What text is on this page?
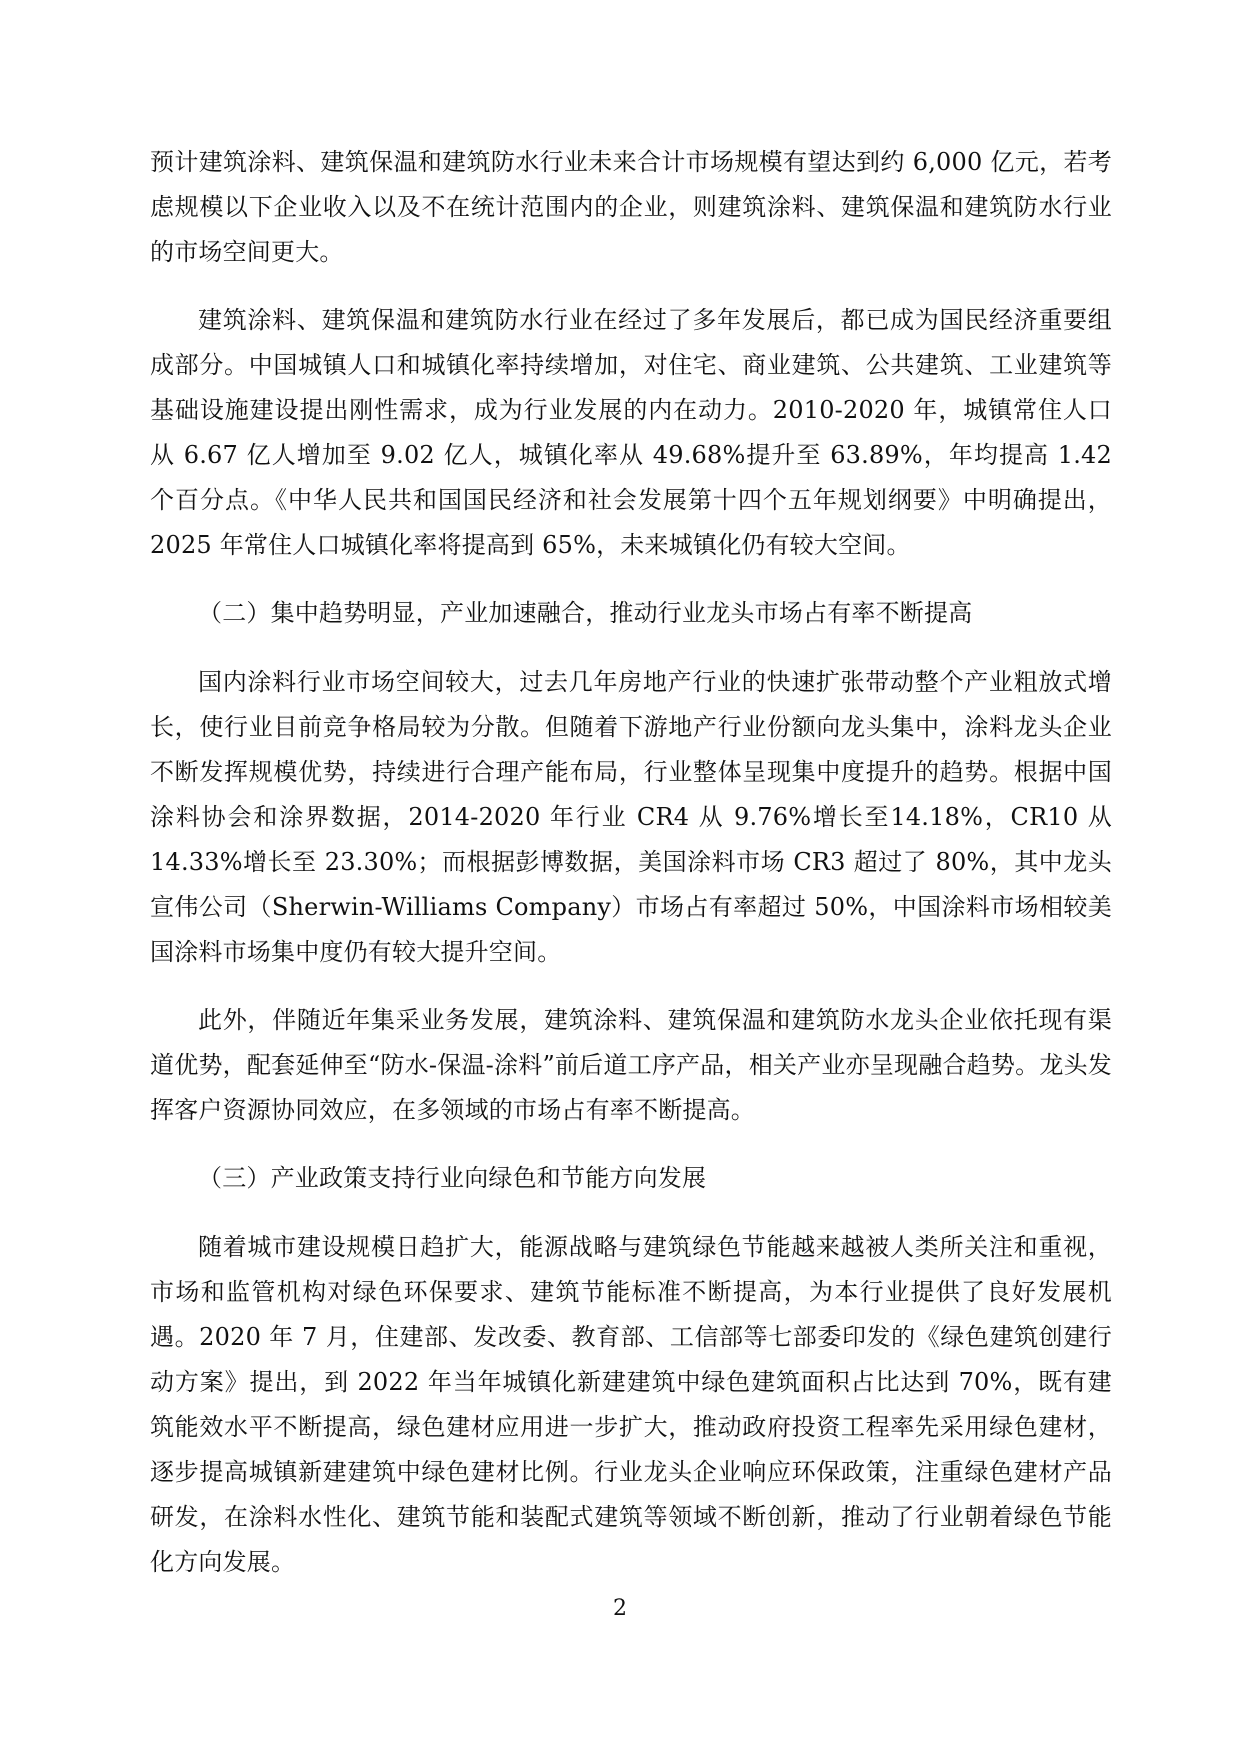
预计建筑涂料、建筑保温和建筑防水行业未来合计市场规模有望达到约 6,000 亿元，若考虑规模以下企业收入以及不在统计范围内的企业，则建筑涂料、建筑保温和建筑防水行业的市场空间更大。

建筑涂料、建筑保温和建筑防水行业在经过了多年发展后，都已成为国民经济重要组成部分。中国城镇人口和城镇化率持续增加，对住宅、商业建筑、公共建筑、工业建筑等基础设施建设提出刚性需求，成为行业发展的内在动力。2010-2020 年，城镇常住人口从 6.67 亿人增加至 9.02 亿人，城镇化率从 49.68%提升至 63.89%，年均提高 1.42 个百分点。《中华人民共和国国民经济和社会发展第十四个五年规划纲要》中明确提出，2025 年常住人口城镇化率将提高到 65%，未来城镇化仍有较大空间。

（二）集中趋势明显，产业加速融合，推动行业龙头市场占有率不断提高

国内涂料行业市场空间较大，过去几年房地产行业的快速扩张带动整个产业粗放式增长，使行业目前竞争格局较为分散。但随着下游地产行业份额向龙头集中，涂料龙头企业不断发挥规模优势，持续进行合理产能布局，行业整体呈现集中度提升的趋势。根据中国涂料协会和涂界数据，2014-2020 年行业 CR4 从 9.76%增长至14.18%，CR10 从 14.33%增长至 23.30%；而根据彭博数据，美国涂料市场 CR3 超过了 80%，其中龙头宣伟公司（Sherwin-Williams Company）市场占有率超过 50%，中国涂料市场相较美国涂料市场集中度仍有较大提升空间。

此外，伴随近年集采业务发展，建筑涂料、建筑保温和建筑防水龙头企业依托现有渠道优势，配套延伸至“防水-保温-涂料”前后道工序产品，相关产业亦呈现融合趋势。龙头发挥客户资源协同效应，在多领域的市场占有率不断提高。

（三）产业政策支持行业向绿色和节能方向发展

随着城市建设规模日趋扩大，能源战略与建筑绿色节能越来越被人类所关注和重视，市场和监管机构对绿色环保要求、建筑节能标准不断提高，为本行业提供了良好发展机遇。2020 年 7 月，住建部、发改委、教育部、工信部等七部委印发的《绿色建筑创建行动方案》提出，到 2022 年当年城镇化新建建筑中绿色建筑面积占比达到 70%，既有建筑能效水平不断提高，绿色建材应用进一步扩大，推动政府投资工程率先采用绿色建材，逐步提高城镇新建建筑中绿色建材比例。行业龙头企业响应环保政策，注重绿色建材产品研发，在涂料水性化、建筑节能和装配式建筑等领域不断创新，推动了行业朝着绿色节能化方向发展。

2
